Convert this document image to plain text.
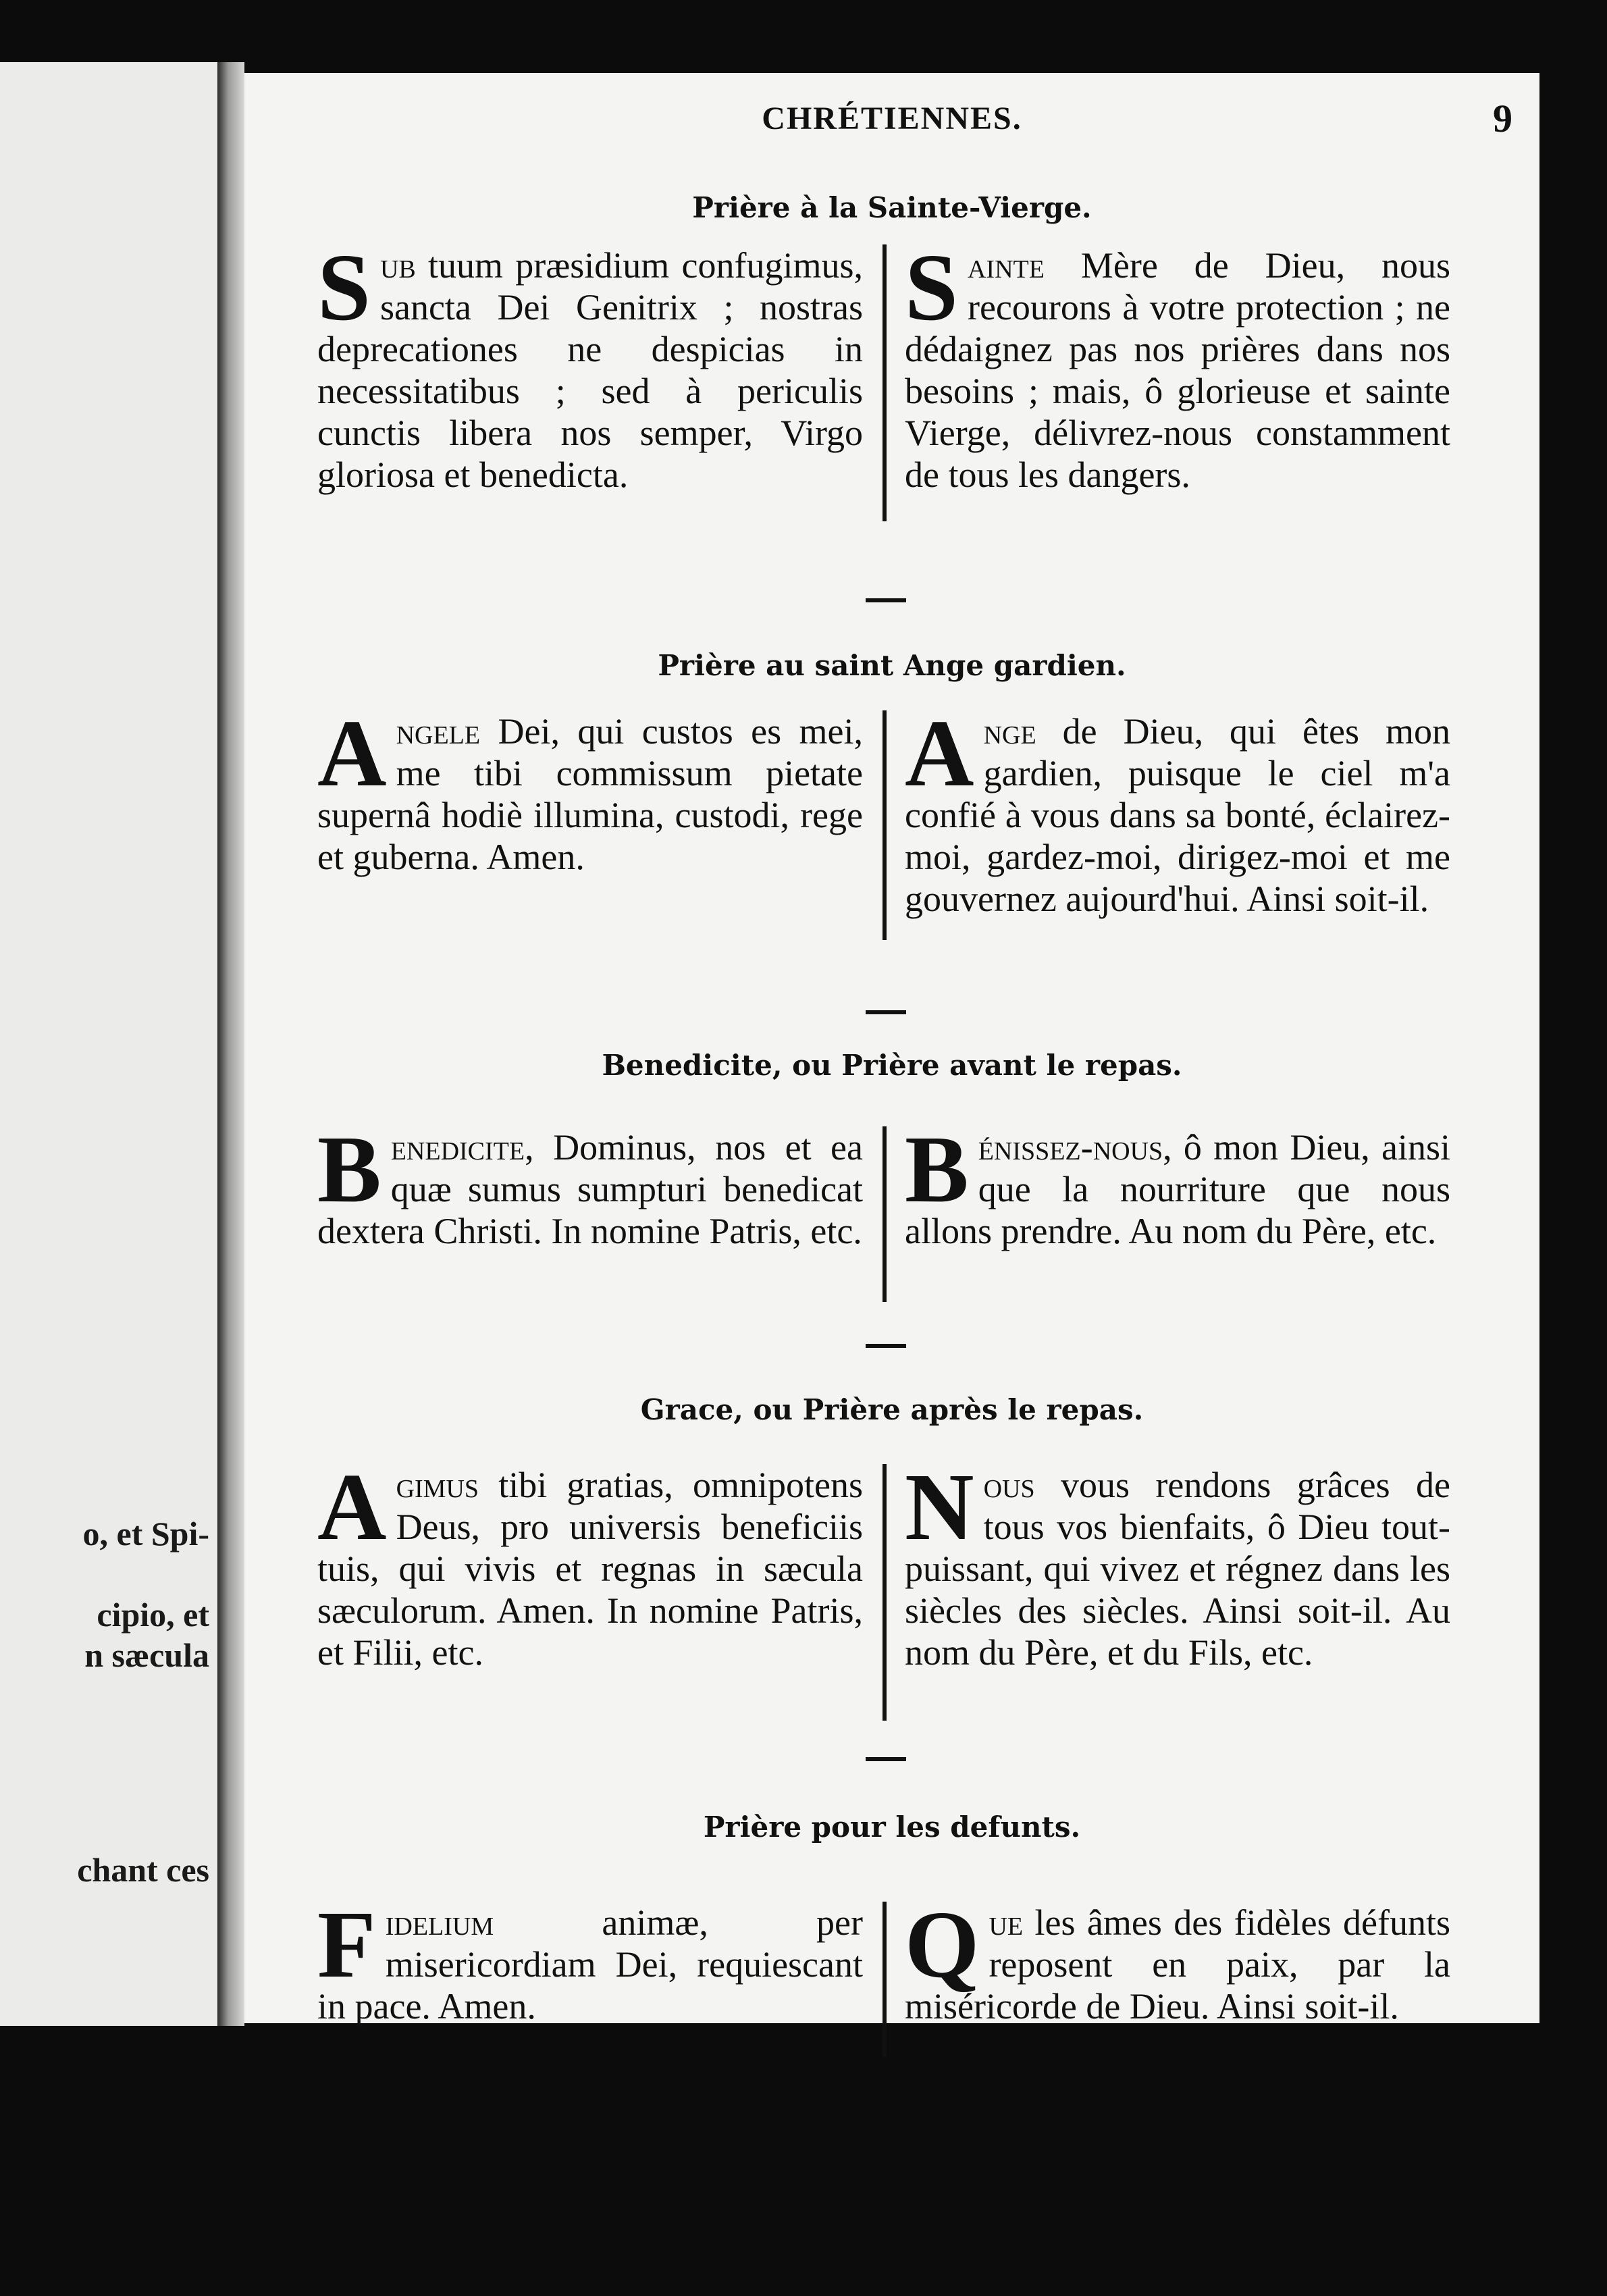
o, et Spi-
cipio, et
n sæcula
chant ces
CHRÉTIENNES.	9
Prière à la Sainte-Vierge.
Sub tuum præsidium confugimus, sancta Dei Genitrix ; nostras deprecationes ne despicias in necessitatibus ; sed à periculis cunctis libera nos semper, Virgo gloriosa et benedicta.
Sainte Mère de Dieu, nous recourons à votre protection ; ne dédaignez pas nos prières dans nos besoins ; mais, ô glorieuse et sainte Vierge, délivrez-nous constamment de tous les dangers.
Prière au saint Ange gardien.
Angele Dei, qui custos es mei, me tibi commissum pietate supernâ hodiè illumina, custodi, rege et guberna. Amen.
Ange de Dieu, qui êtes mon gardien, puisque le ciel m'a confié à vous dans sa bonté, éclairez-moi, gardez-moi, dirigez-moi et me gouvernez aujourd'hui. Ainsi soit-il.
Benedicite, ou Prière avant le repas.
Benedicite, Dominus, nos et ea quæ sumus sumpturi benedicat dextera Christi. In nomine Patris, etc.
Bénissez-nous, ô mon Dieu, ainsi que la nourriture que nous allons prendre. Au nom du Père, etc.
Grace, ou Prière après le repas.
Agimus tibi gratias, omnipotens Deus, pro universis beneficiis tuis, qui vivis et regnas in sæcula sæculorum. Amen. In nomine Patris, et Filii, etc.
Nous vous rendons grâces de tous vos bienfaits, ô Dieu tout-puissant, qui vivez et régnez dans les siècles des siècles. Ainsi soit-il. Au nom du Père, et du Fils, etc.
Prière pour les defunts.
Fidelium animæ, per misericordiam Dei, requiescant in pace. Amen.
Que les âmes des fidèles défunts reposent en paix, par la miséricorde de Dieu. Ainsi soit-il.
